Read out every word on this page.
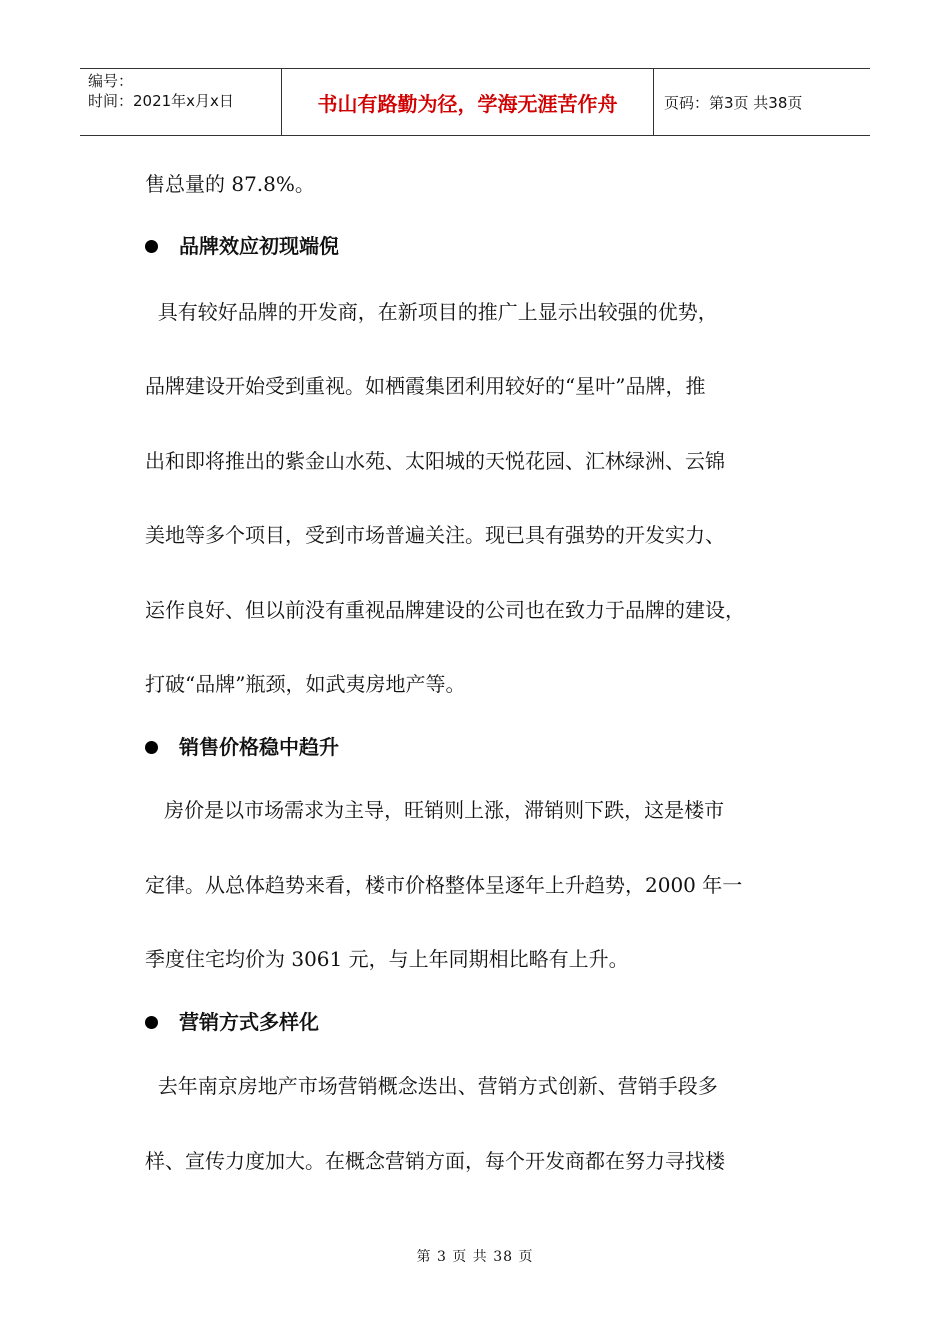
编号：
时间：2021年x月x日	书山有路勤为径，学海无涯苦作舟	页码：第3页 共38页
售总量的 87.8%。
品牌效应初现端倪
具有较好品牌的开发商，在新项目的推广上显示出较强的优势，
品牌建设开始受到重视。如栖霞集团利用较好的“星叶”品牌，推
出和即将推出的紫金山水苑、太阳城的天悦花园、汇林绿洲、云锦
美地等多个项目，受到市场普遍关注。现已具有强势的开发实力、
运作良好、但以前没有重视品牌建设的公司也在致力于品牌的建设，
打破“品牌”瓶颈，如武夷房地产等。
销售价格稳中趋升
房价是以市场需求为主导，旺销则上涨，滞销则下跌，这是楼市
定律。从总体趋势来看，楼市价格整体呈逐年上升趋势，2000 年一
季度住宅均价为 3061 元，与上年同期相比略有上升。
营销方式多样化
去年南京房地产市场营销概念迭出、营销方式创新、营销手段多
样、宣传力度加大。在概念营销方面，每个开发商都在努力寻找楼
第 3 页 共 38 页
